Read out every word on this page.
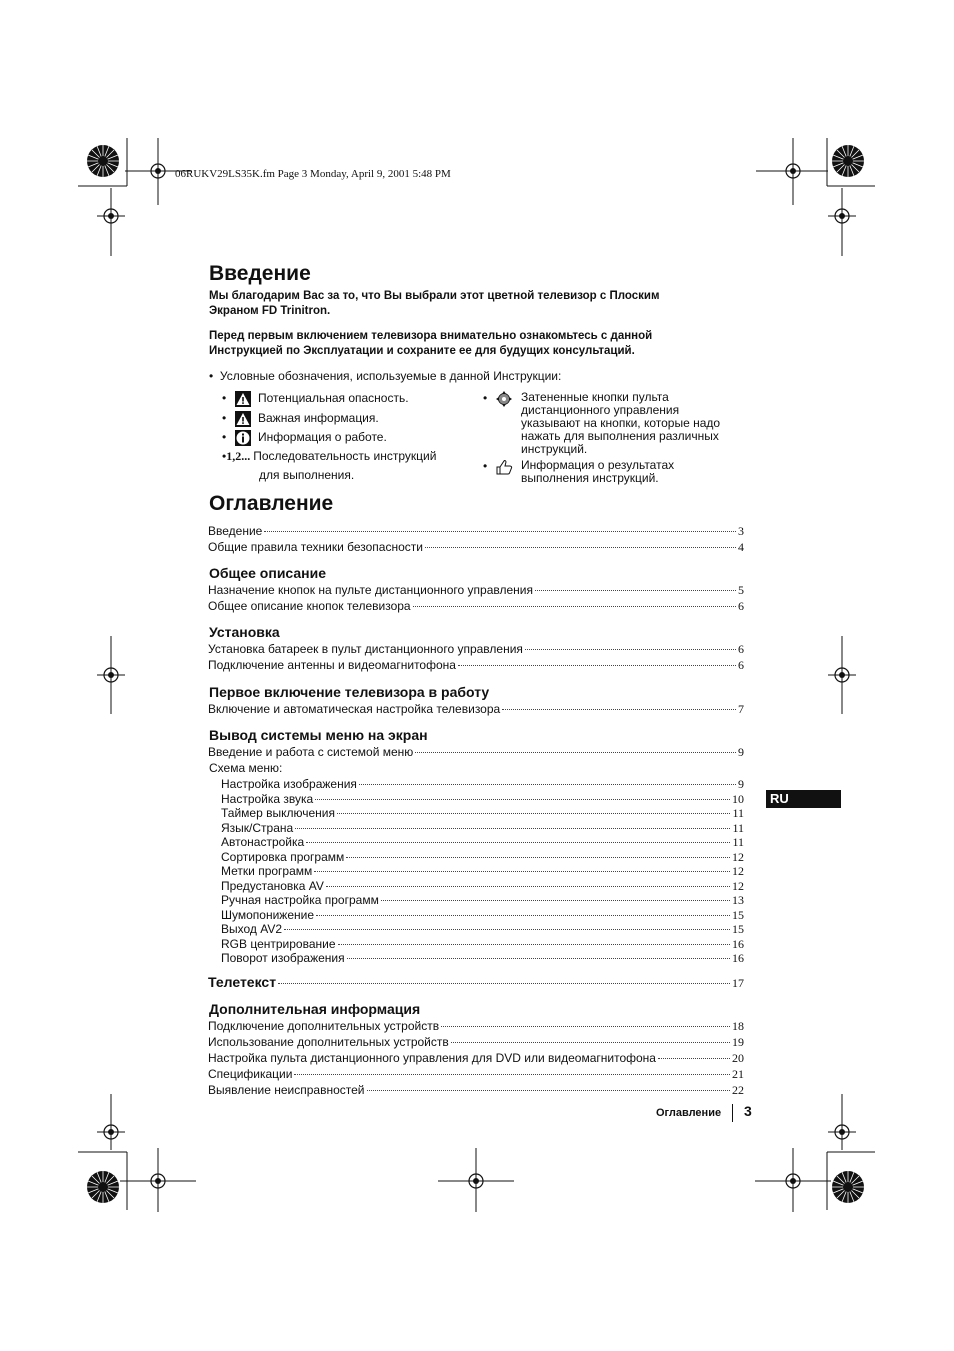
06RUKV29LS35K.fm Page 3 Monday, April 9, 2001 5:48 PM
Введение
Мы благодарим Вас за то, что Вы выбрали этот цветной телевизор с Плоским
Экраном FD Trinitron.
Перед первым включением телевизора внимательно ознакомьтесь с данной
Инструкцией по Эксплуатации и сохраните ее для будущих консультаций.
•  Условные обозначения, используемые в данной Инструкции:
•	Потенциальная опасность.
•	Важная информация.
•	Информация о работе.
•1,2... Последовательность инструкций
для выполнения.
•	Затененные кнопки пульта
дистанционного управления
указывают на кнопки, которые надо
нажать для выполнения различных
инструкций.
•	Информация о результатах
выполнения инструкций.
Оглавление
Введение	3
Общие правила техники безопасности	4
Общее описание
Назначение кнопок на пульте дистанционного управления	5
Общее описание кнопок телевизора	6
Установка
Установка батареек в пульт дистанционного управления	6
Подключение антенны и видеомагнитофона	6
Первое включение телевизора в работу
Включение и автоматическая настройка телевизора	7
Вывод системы меню на экран
Введение и работа с системой меню	9
Схема меню:
Настройка изображения	9
Настройка звука	10
Таймер выключения	11
Язык/Страна	11
Автонастройка	11
Сортировка программ	12
Метки программ	12
Предустановка AV	12
Ручная настройка программ	13
Шумопонижение	15
Выход AV2	15
RGB центрирование	16
Поворот изображения	16
Телетекст	17
Дополнительная информация
Подключение дополнительных устройств	18
Использование дополнительных устройств	19
Настройка пульта дистанционного управления для DVD или видеомагнитофона	20
Спецификации	21
Выявление неисправностей	22
RU
Оглавление 3
